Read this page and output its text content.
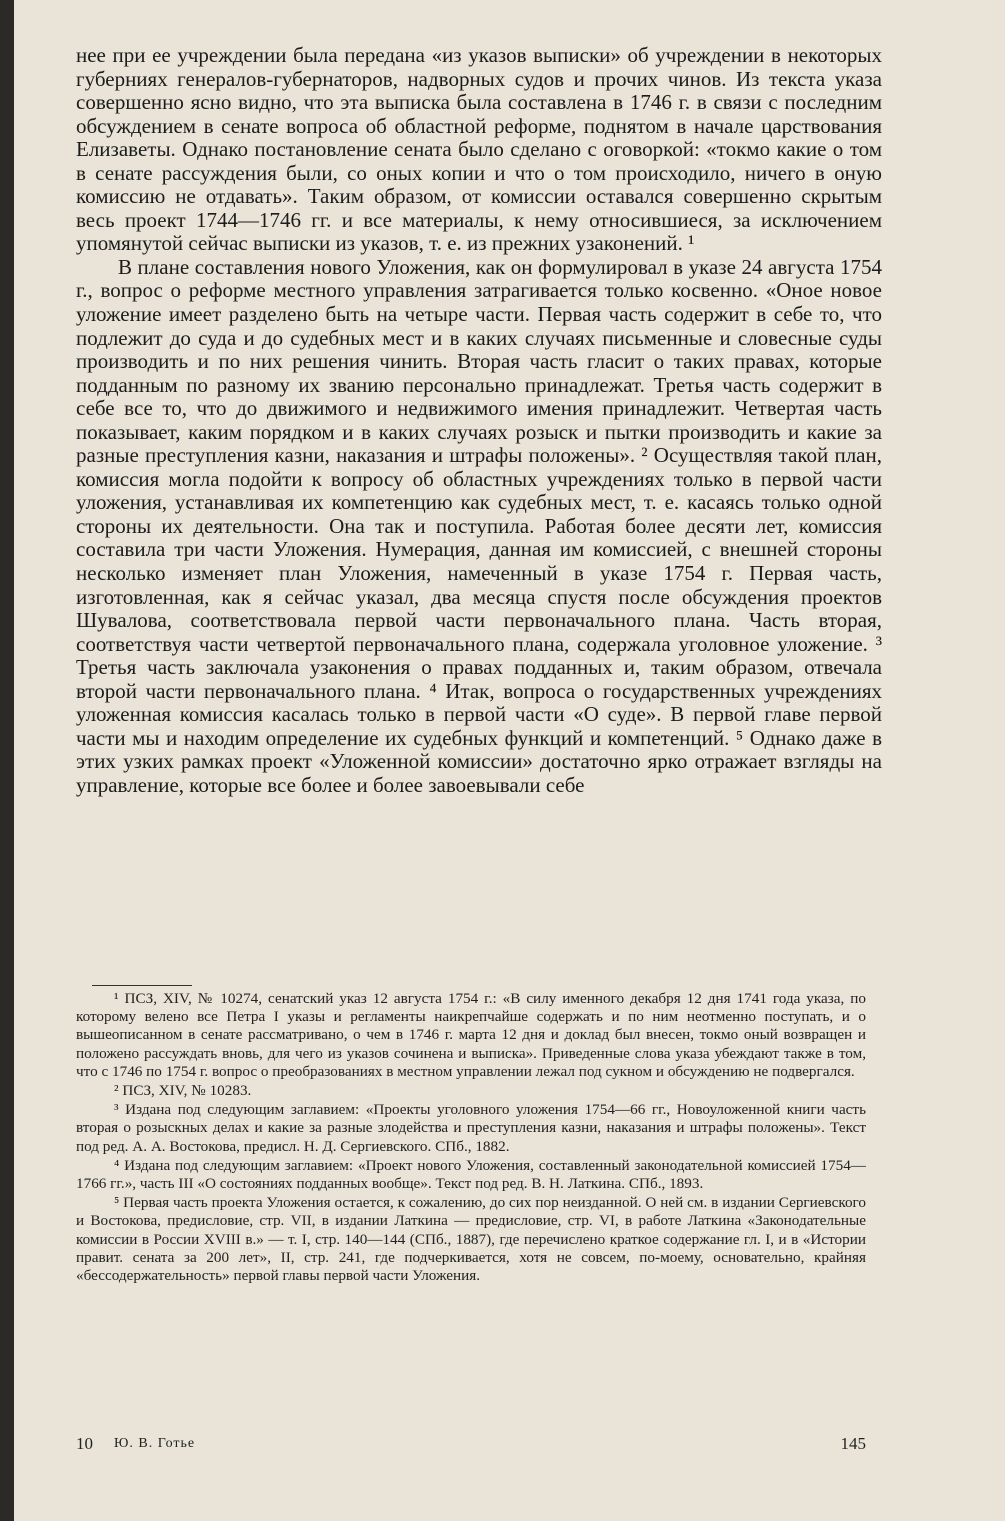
нее при ее учреждении была передана «из указов выписки» об учреждении в некоторых губерниях генералов-губернаторов, надворных судов и прочих чинов. Из текста указа совершенно ясно видно, что эта выписка была составлена в 1746 г. в связи с последним обсуждением в сенате вопроса об областной реформе, поднятом в начале царствования Елизаветы. Однако постановление сената было сделано с оговоркой: «токмо какие о том в сенате рассуждения были, со оных копии и что о том происходило, ничего в оную комиссию не отдавать». Таким образом, от комиссии оставался совершенно скрытым весь проект 1744—1746 гг. и все материалы, к нему относившиеся, за исключением упомянутой сейчас выписки из указов, т. е. из прежних узаконений. ¹

В плане составления нового Уложения, как он формулировал в указе 24 августа 1754 г., вопрос о реформе местного управления затрагивается только косвенно. «Оное новое уложение имеет разделено быть на четыре части. Первая часть содержит в себе то, что подлежит до суда и до судебных мест и в каких случаях письменные и словесные суды производить и по них решения чинить. Вторая часть гласит о таких правах, которые подданным по разному их званию персонально принадлежат. Третья часть содержит в себе все то, что до движимого и недвижимого имения принадлежит. Четвертая часть показывает, каким порядком и в каких случаях розыск и пытки производить и какие за разные преступления казни, наказания и штрафы положены». ² Осуществляя такой план, комиссия могла подойти к вопросу об областных учреждениях только в первой части уложения, устанавливая их компетенцию как судебных мест, т. е. касаясь только одной стороны их деятельности. Она так и поступила. Работая более десяти лет, комиссия составила три части Уложения. Нумерация, данная им комиссией, с внешней стороны несколько изменяет план Уложения, намеченный в указе 1754 г. Первая часть, изготовленная, как я сейчас указал, два месяца спустя после обсуждения проектов Шувалова, соответствовала первой части первоначального плана. Часть вторая, соответствуя части четвертой первоначального плана, содержала уголовное уложение. ³ Третья часть заключала узаконения о правах подданных и, таким образом, отвечала второй части первоначального плана. ⁴ Итак, вопроса о государственных учреждениях уложенная комиссия касалась только в первой части «О суде». В первой главе первой части мы и находим определение их судебных функций и компетенций. ⁵ Однако даже в этих узких рамках проект «Уложенной комиссии» достаточно ярко отражает взгляды на управление, которые все более и более завоевывали себе

¹ ПСЗ, XIV, № 10274, сенатский указ 12 августа 1754 г.: «В силу именного декабря 12 дня 1741 года указа, по которому велено все Петра I указы и регламенты наикрепчайше содержать и по ним неотменно поступать, и о вышеописанном в сенате рассматривано, о чем в 1746 г. марта 12 дня и доклад был внесен, токмо оный возвращен и положено рассуждать вновь, для чего из указов сочинена и выписка». Приведенные слова указа убеждают также в том, что с 1746 по 1754 г. вопрос о преобразованиях в местном управлении лежал под сукном и обсуждению не подвергался.

² ПСЗ, XIV, № 10283.

³ Издана под следующим заглавием: «Проекты уголовного уложения 1754—66 гг., Новоуложенной книги часть вторая о розыскных делах и какие за разные злодейства и преступления казни, наказания и штрафы положены». Текст под ред. А. А. Востокова, предисл. Н. Д. Сергиевского. СПб., 1882.

⁴ Издана под следующим заглавием: «Проект нового Уложения, составленный законодательной комиссией 1754—1766 гг.», часть III «О состояниях подданных вообще». Текст под ред. В. Н. Латкина. СПб., 1893.

⁵ Первая часть проекта Уложения остается, к сожалению, до сих пор неизданной. О ней см. в издании Сергиевского и Востокова, предисловие, стр. VII, в издании Латкина — предисловие, стр. VI, в работе Латкина «Законодательные комиссии в России XVIII в.» — т. I, стр. 140—144 (СПб., 1887), где перечислено краткое содержание гл. I, и в «Истории правит. сената за 200 лет», II, стр. 241, где подчеркивается, хотя не совсем, по-моему, основательно, крайняя «бессодержательность» первой главы первой части Уложения.

10 Ю. В. Готье	145
